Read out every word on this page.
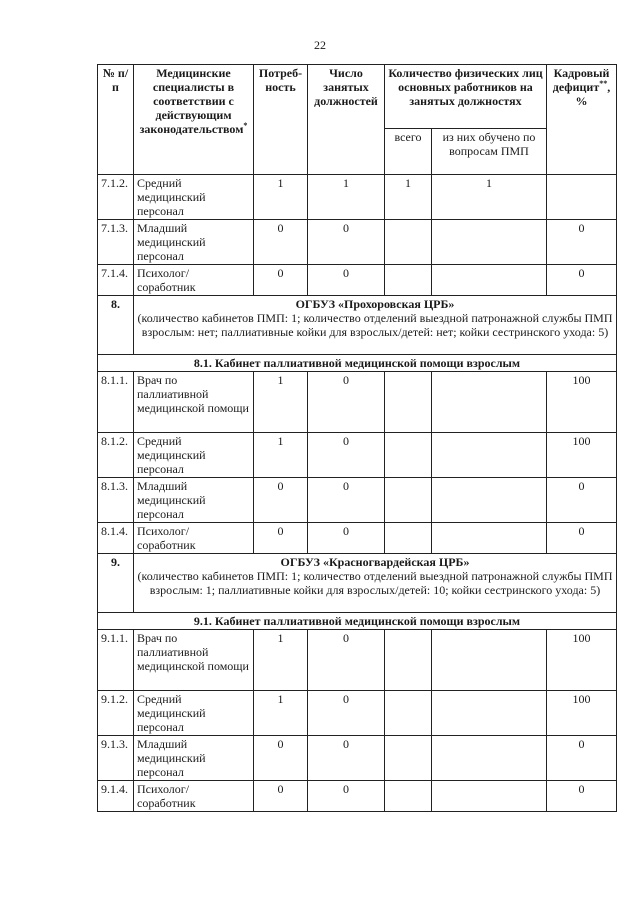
22
№ п/п	Медицинские специалисты в соответствии с действующим законодательством*	Потреб-ность	Число занятых должностей	Количество физических лиц основных работников на занятых должностях		Кадровый дефицит**, %
				всего	из них обучено по вопросам ПМП	
7.1.2.	Средний медицинский персонал	1	1	1	1	
7.1.3.	Младший медицинский персонал	0	0			0
7.1.4.	Психолог/ соработник	0	0			0
8.	ОГБУЗ «Прохоровская ЦРБ»
(количество кабинетов ПМП: 1; количество отделений выездной патронажной службы ПМП взрослым: нет; паллиативные койки для взрослых/детей: нет; койки сестринского ухода: 5)					
8.1. Кабинет паллиативной медицинской помощи взрослым						
8.1.1.	Врач по паллиативной медицинской помощи	1	0			100
8.1.2.	Средний медицинский персонал	1	0			100
8.1.3.	Младший медицинский персонал	0	0			0
8.1.4.	Психолог/ соработник	0	0			0
9.	ОГБУЗ «Красногвардейская ЦРБ»
(количество кабинетов ПМП: 1; количество отделений выездной патронажной службы ПМП взрослым: 1; паллиативные койки для взрослых/детей: 10; койки сестринского ухода: 5)					
9.1. Кабинет паллиативной медицинской помощи взрослым						
9.1.1.	Врач по паллиативной медицинской помощи	1	0			100
9.1.2.	Средний медицинский персонал	1	0			100
9.1.3.	Младший медицинский персонал	0	0			0
9.1.4.	Психолог/ соработник	0	0			0
